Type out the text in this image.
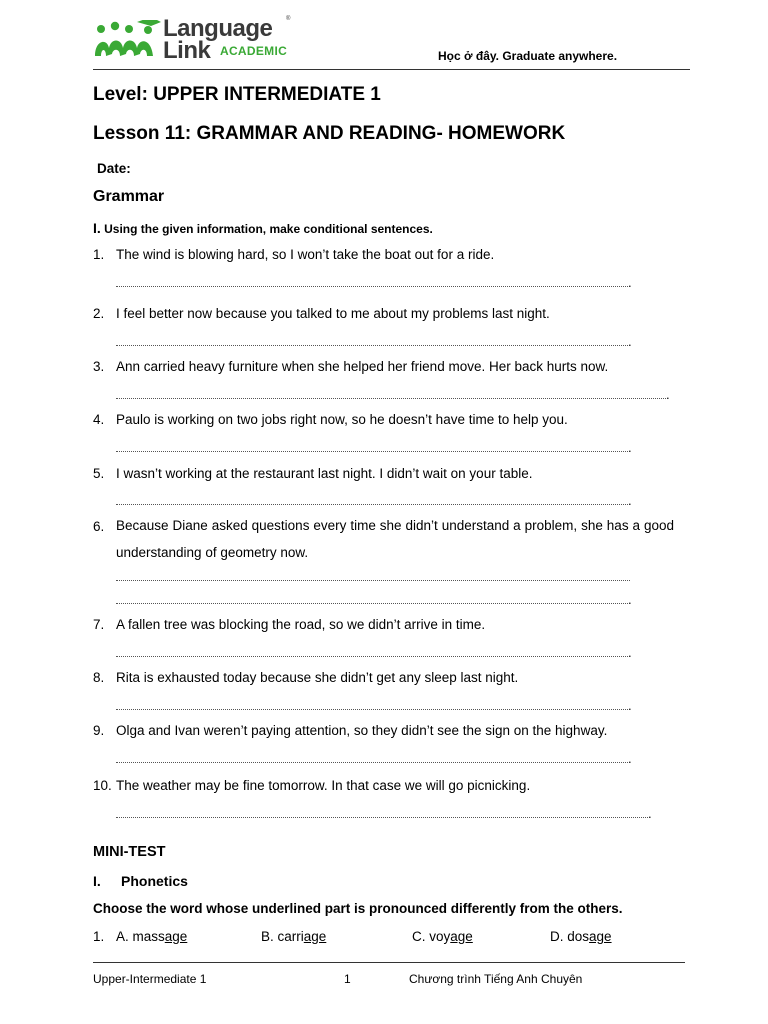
Language ®
Link ACADEMIC	Học ở đây. Graduate anywhere.
Level: UPPER INTERMEDIATE 1
Lesson 11: GRAMMAR AND READING- HOMEWORK
Date:
Grammar
I. Using the given information, make conditional sentences.
1. The wind is blowing hard, so I won’t take the boat out for a ride.
.
2. I feel better now because you talked to me about my problems last night.
.
3. Ann carried heavy furniture when she helped her friend move. Her back hurts now.
.
4. Paulo is working on two jobs right now, so he doesn’t have time to help you.
.
5. I wasn’t working at the restaurant last night. I didn’t wait on your table.
.
6. Because Diane asked questions every time she didn’t understand a problem, she has a good understanding of geometry now.
.
7. A fallen tree was blocking the road, so we didn’t arrive in time.
.
8. Rita is exhausted today because she didn’t get any sleep last night.
.
9. Olga and Ivan weren’t paying attention, so they didn’t see the sign on the highway.
.
10. The weather may be fine tomorrow. In that case we will go picnicking.
.
MINI-TEST
I. Phonetics
Choose the word whose underlined part is pronounced differently from the others.
1. A. massage	B. carriage	C. voyage	D. dosage
Upper-Intermediate 1	1	Chương trình Tiếng Anh Chuyên
